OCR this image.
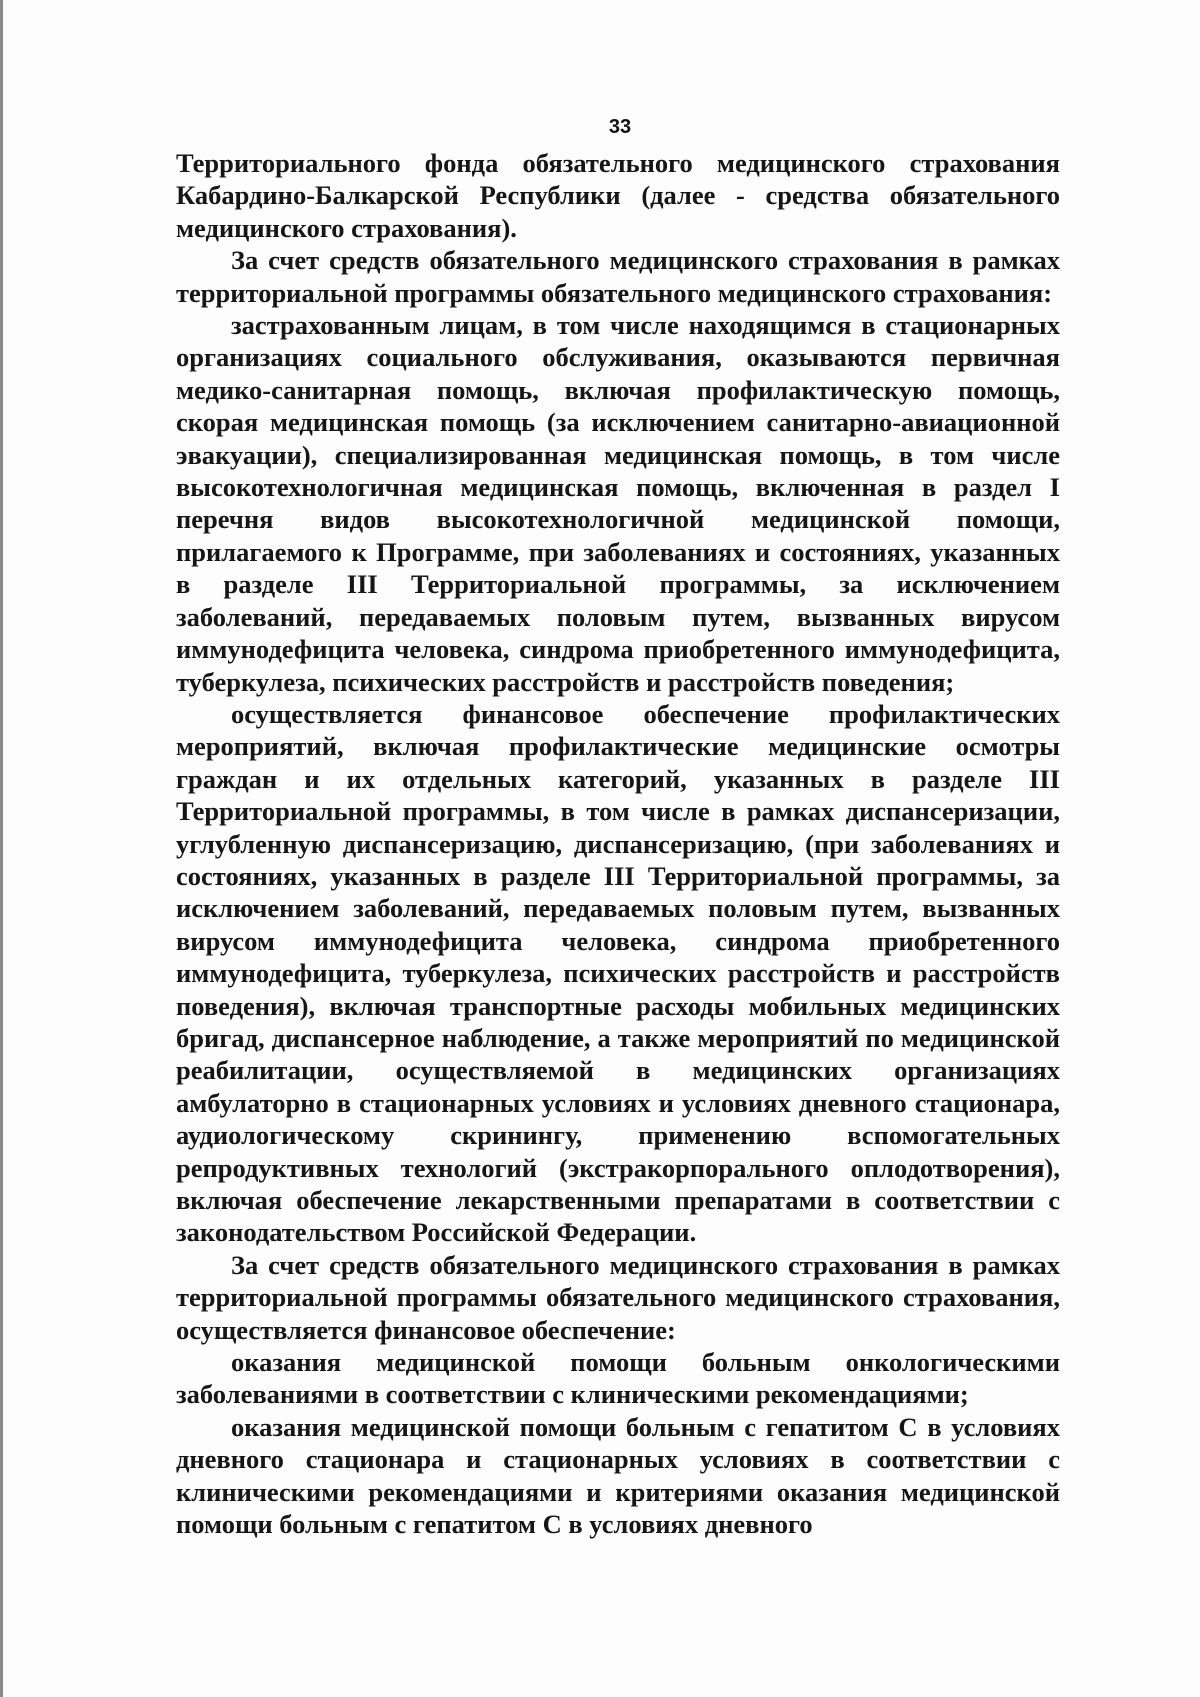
33

Территориального фонда обязательного медицинского страхования Кабардино-Балкарской Республики (далее - средства обязательного медицинского страхования).

За счет средств обязательного медицинского страхования в рамках территориальной программы обязательного медицинского страхования:

застрахованным лицам, в том числе находящимся в стационарных организациях социального обслуживания, оказываются первичная медико-санитарная помощь, включая профилактическую помощь, скорая медицинская помощь (за исключением санитарно-авиационной эвакуации), специализированная медицинская помощь, в том числе высокотехнологичная медицинская помощь, включенная в раздел I перечня видов высокотехнологичной медицинской помощи, прилагаемого к Программе, при заболеваниях и состояниях, указанных в разделе III Территориальной программы, за исключением заболеваний, передаваемых половым путем, вызванных вирусом иммунодефицита человека, синдрома приобретенного иммунодефицита, туберкулеза, психических расстройств и расстройств поведения;

осуществляется финансовое обеспечение профилактических мероприятий, включая профилактические медицинские осмотры граждан и их отдельных категорий, указанных в разделе III Территориальной программы, в том числе в рамках диспансеризации, углубленную диспансеризацию, диспансеризацию, (при заболеваниях и состояниях, указанных в разделе III Территориальной программы, за исключением заболеваний, передаваемых половым путем, вызванных вирусом иммунодефицита человека, синдрома приобретенного иммунодефицита, туберкулеза, психических расстройств и расстройств поведения), включая транспортные расходы мобильных медицинских бригад, диспансерное наблюдение, а также мероприятий по медицинской реабилитации, осуществляемой в медицинских организациях амбулаторно в стационарных условиях и условиях дневного стационара, аудиологическому скринингу, применению вспомогательных репродуктивных технологий (экстракорпорального оплодотворения), включая обеспечение лекарственными препаратами в соответствии с законодательством Российской Федерации.

За счет средств обязательного медицинского страхования в рамках территориальной программы обязательного медицинского страхования, осуществляется финансовое обеспечение:

оказания медицинской помощи больным онкологическими заболеваниями в соответствии с клиническими рекомендациями;

оказания медицинской помощи больным с гепатитом С в условиях дневного стационара и стационарных условиях в соответствии с клиническими рекомендациями и критериями оказания медицинской помощи больным с гепатитом С в условиях дневного
